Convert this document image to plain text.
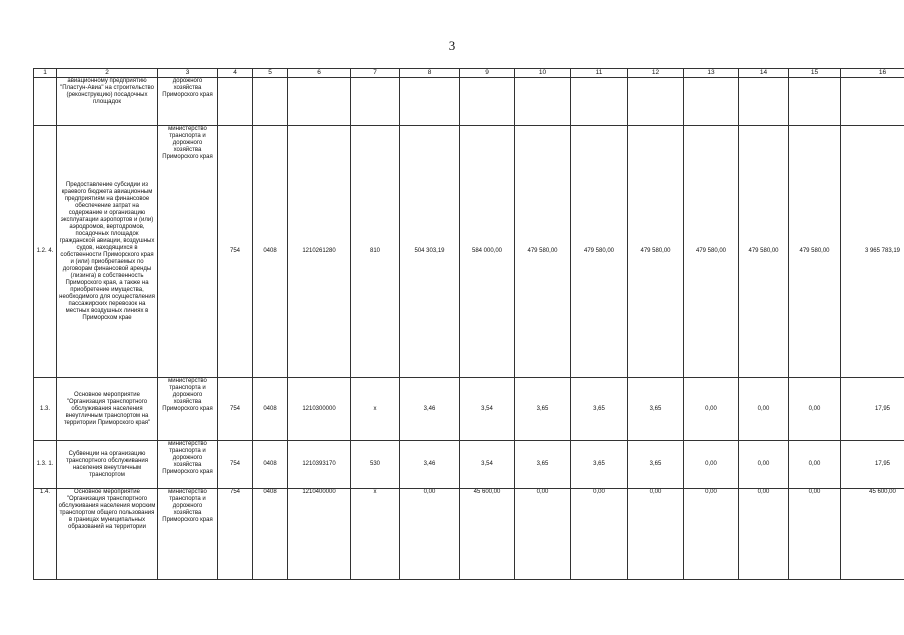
3
1	2	3	4	5	6	7	8	9	10	11	12	13	14	15	16
	авиационному предприятию "Пластун-Авиа" на строительство (реконструкцию) посадочных площадок	дорожного хозяйства Приморского края													
1.2. 4.	Предоставление субсидии из краевого бюджета авиационным предприятиям на финансовое обеспечение затрат на содержание и организацию эксплуатации аэропортов и (или) аэродромов, вертодромов, посадочных площадок гражданской авиации, воздушных судов, находящихся в собственности Приморского края и (или) приобретаемых по договорам финансовой аренды (лизинга) в собственность Приморского края, а также на приобретение имущества, необходимого для осуществления пассажирских перевозок на местных воздушных линиях в Приморском крае	министерство транспорта и дорожного хозяйства Приморского края	754	0408	1210261280	810	504 303,19	584 000,00	479 580,00	479 580,00	479 580,00	479 580,00	479 580,00	479 580,00	3 965 783,19
1.3.	Основное мероприятие "Организация транспортного обслуживания населения внеутличным транспортом на территории Приморского края"	министерство транспорта и дорожного хозяйства Приморского края	754	0408	1210300000	x	3,46	3,54	3,65	3,65	3,65	0,00	0,00	0,00	17,95
1.3. 1.	Субвенции на организацию транспортного обслуживания населения внеутличным транспортом	министерство транспорта и дорожного хозяйства Приморского края	754	0408	1210393170	530	3,46	3,54	3,65	3,65	3,65	0,00	0,00	0,00	17,95
1.4.	Основное мероприятие "Организация транспортного обслуживания населения морским транспортом общего пользования в границах муниципальных образований на территории	министерство транспорта и дорожного хозяйства Приморского края	754	0408	1210400000	x	0,00	45 600,00	0,00	0,00	0,00	0,00	0,00	0,00	45 600,00
